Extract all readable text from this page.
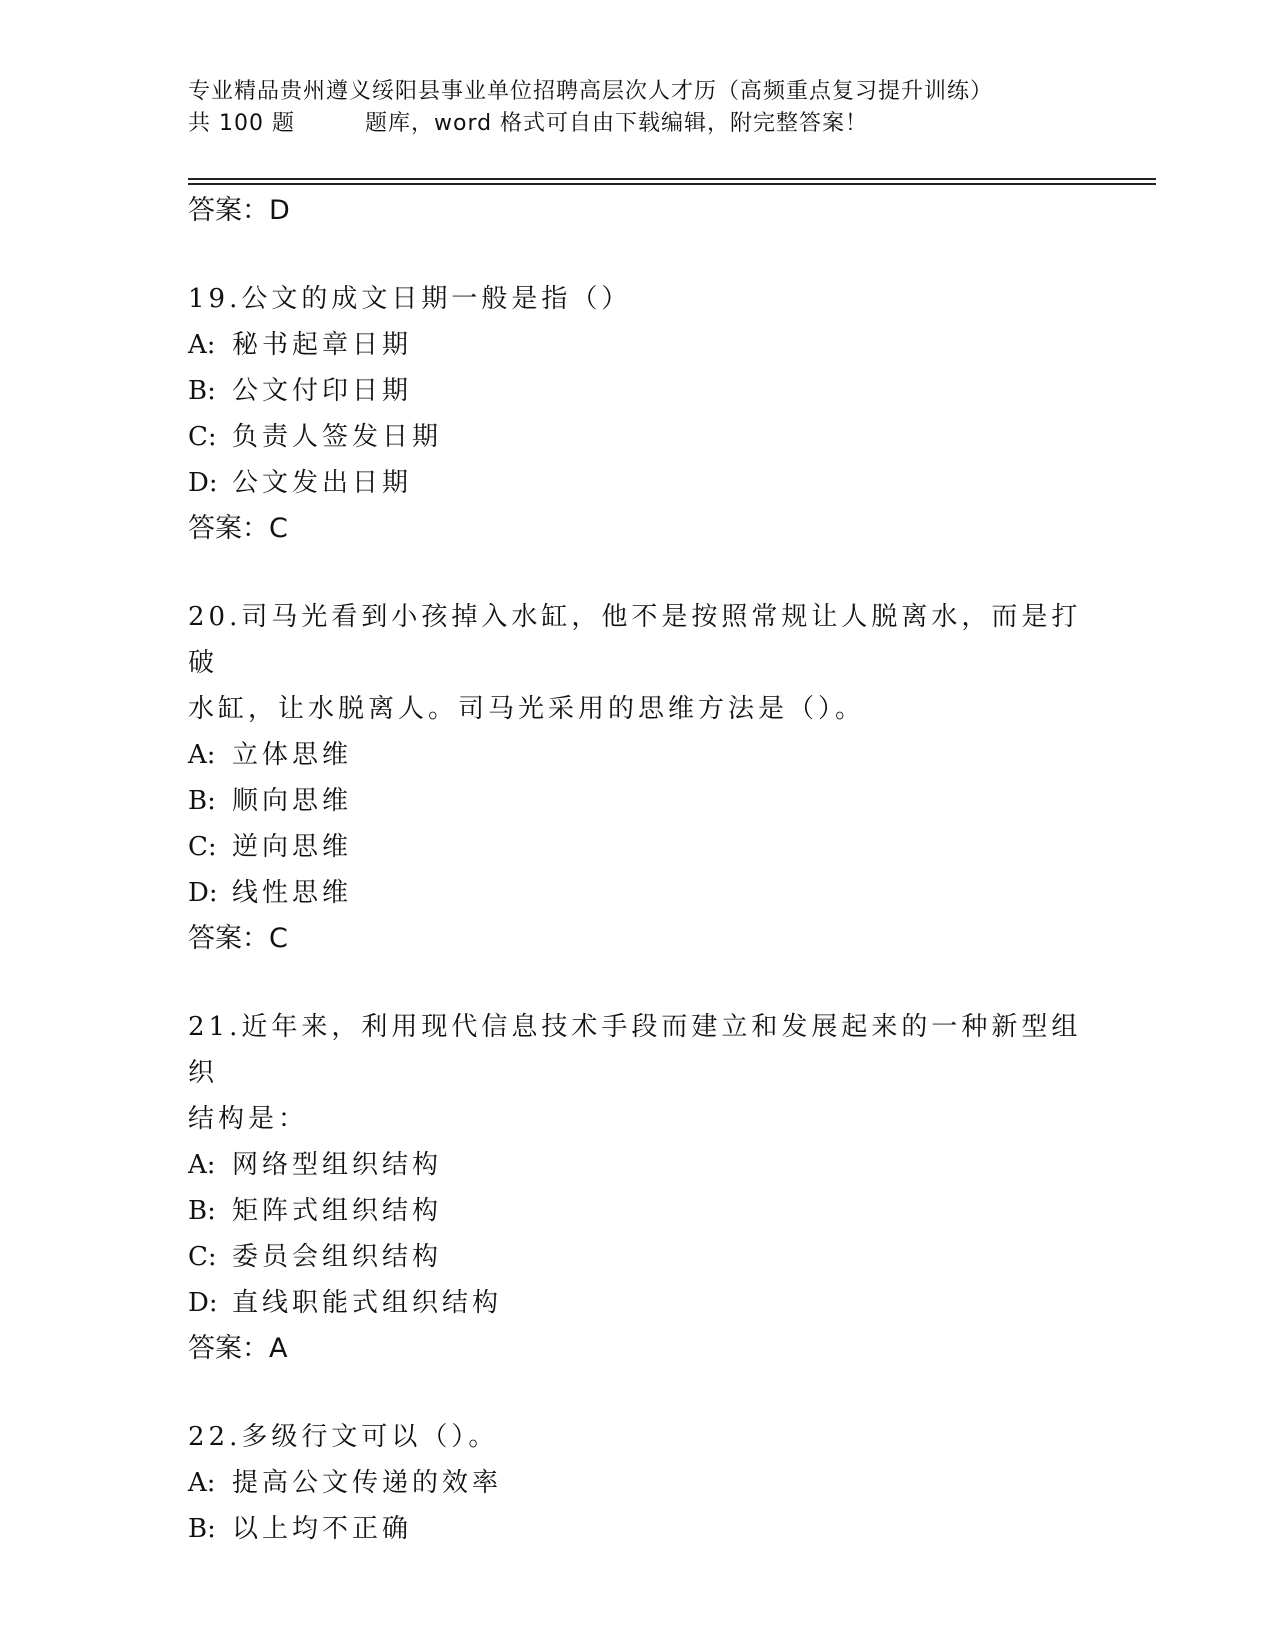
专业精品贵州遵义绥阳县事业单位招聘高层次人才历（高频重点复习提升训练）
共 100 题	题库，word 格式可自由下载编辑，附完整答案！
答案：D
19.公文的成文日期一般是指（）
A: 秘书起章日期
B: 公文付印日期
C: 负责人签发日期
D: 公文发出日期
答案：C
20.司马光看到小孩掉入水缸，他不是按照常规让人脱离水，而是打破
水缸，让水脱离人。司马光采用的思维方法是（）。
A: 立体思维
B: 顺向思维
C: 逆向思维
D: 线性思维
答案：C
21.近年来，利用现代信息技术手段而建立和发展起来的一种新型组织
结构是：
A: 网络型组织结构
B: 矩阵式组织结构
C: 委员会组织结构
D: 直线职能式组织结构
答案：A
22.多级行文可以（）。
A: 提高公文传递的效率
B: 以上均不正确
